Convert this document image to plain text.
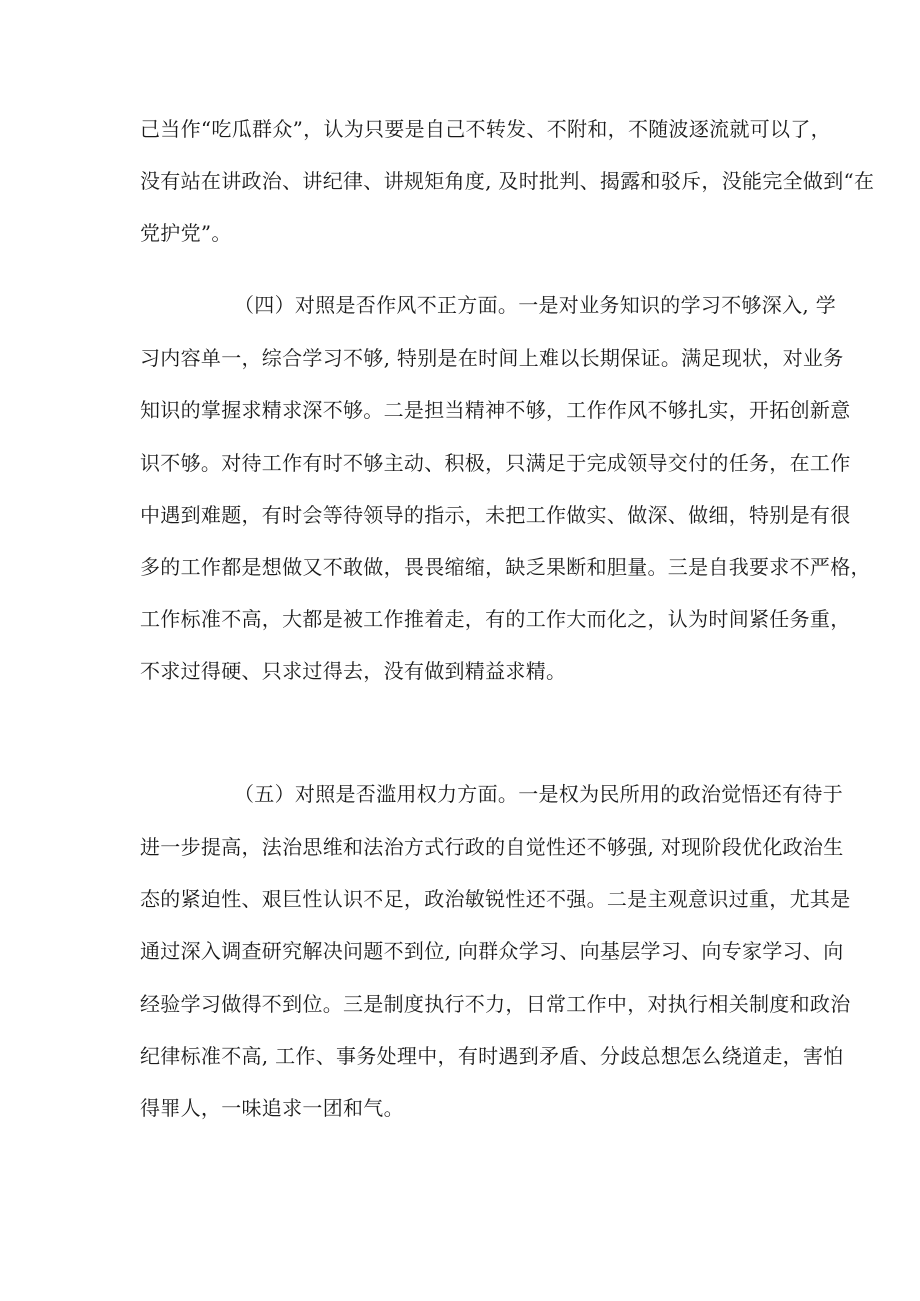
己当作“吃瓜群众”，认为只要是自己不转发、不附和，不随波逐流就可以了，
没有站在讲政治、讲纪律、讲规矩角度, 及时批判、揭露和驳斥，没能完全做到“在
党护党”。
（四）对照是否作风不正方面。一是对业务知识的学习不够深入, 学
习内容单一，综合学习不够, 特别是在时间上难以长期保证。满足现状，对业务
知识的掌握求精求深不够。二是担当精神不够，工作作风不够扎实，开拓创新意
识不够。对待工作有时不够主动、积极，只满足于完成领导交付的任务，在工作
中遇到难题，有时会等待领导的指示，未把工作做实、做深、做细，特别是有很
多的工作都是想做又不敢做，畏畏缩缩，缺乏果断和胆量。三是自我要求不严格，
工作标准不高，大都是被工作推着走，有的工作大而化之，认为时间紧任务重，
不求过得硬、只求过得去，没有做到精益求精。
（五）对照是否滥用权力方面。一是权为民所用的政治觉悟还有待于
进一步提高，法治思维和法治方式行政的自觉性还不够强, 对现阶段优化政治生
态的紧迫性、艰巨性认识不足，政治敏锐性还不强。二是主观意识过重，尤其是
通过深入调查研究解决问题不到位, 向群众学习、向基层学习、向专家学习、向
经验学习做得不到位。三是制度执行不力，日常工作中，对执行相关制度和政治
纪律标准不高, 工作、事务处理中，有时遇到矛盾、分歧总想怎么绕道走，害怕
得罪人，一味追求一团和气。
